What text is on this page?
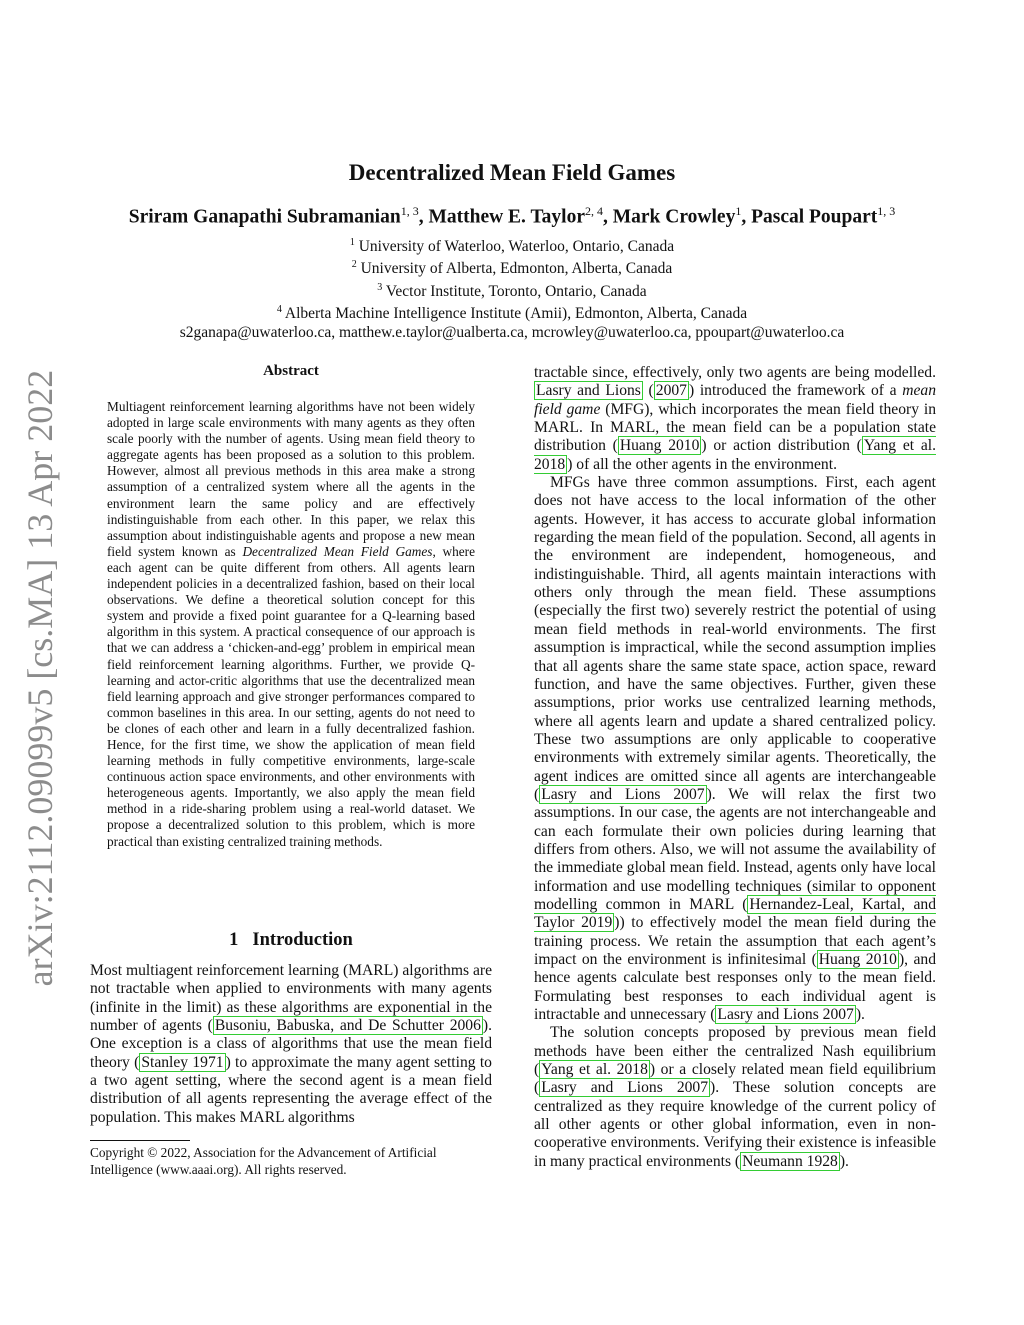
arXiv:2112.09099v5 [cs.MA] 13 Apr 2022
Decentralized Mean Field Games
Sriram Ganapathi Subramanian$^{1, 3}$, Matthew E. Taylor$^{2, 4}$, Mark Crowley$^1$, Pascal Poupart$^{1, 3}$
$^1$ University of Waterloo, Waterloo, Ontario, Canada
$^2$ University of Alberta, Edmonton, Alberta, Canada
$^3$ Vector Institute, Toronto, Ontario, Canada
$^4$ Alberta Machine Intelligence Institute (Amii), Edmonton, Alberta, Canada
s2ganapa@uwaterloo.ca, matthew.e.taylor@ualberta.ca, mcrowley@uwaterloo.ca, ppoupart@uwaterloo.ca
Abstract
Multiagent reinforcement learning algorithms have not been widely adopted in large scale environments with many agents as they often scale poorly with the number of agents. Using mean field theory to aggregate agents has been proposed as a solution to this problem. However, almost all previous methods in this area make a strong assumption of a centralized system where all the agents in the environment learn the same policy and are effectively indistinguishable from each other. In this paper, we relax this assumption about indistinguishable agents and propose a new mean field system known as Decentralized Mean Field Games, where each agent can be quite different from others. All agents learn independent policies in a decentralized fashion, based on their local observations. We define a theoretical solution concept for this system and provide a fixed point guarantee for a Q-learning based algorithm in this system. A practical consequence of our approach is that we can address a ‘chicken-and-egg’ problem in empirical mean field reinforcement learning algorithms. Further, we provide Q-learning and actor-critic algorithms that use the decentralized mean field learning approach and give stronger performances compared to common baselines in this area. In our setting, agents do not need to be clones of each other and learn in a fully decentralized fashion. Hence, for the first time, we show the application of mean field learning methods in fully competitive environments, large-scale continuous action space environments, and other environments with heterogeneous agents. Importantly, we also apply the mean field method in a ride-sharing problem using a real-world dataset. We propose a decentralized solution to this problem, which is more practical than existing centralized training methods.
1 Introduction

Most multiagent reinforcement learning (MARL) algorithms are not tractable when applied to environments with many agents (infinite in the limit) as these algorithms are exponential in the number of agents ( Busoniu, Babuska, and De Schutter 2006 ). One exception is a class of algorithms that use the mean field theory ( Stanley 1971 ) to approximate the many agent setting to a two agent setting, where the second agent is a mean field distribution of all agents representing the average effect of the population. This makes MARL algorithms

Copyright © 2022, Association for the Advancement of Artificial Intelligence (www.aaai.org). All rights reserved.

tractable since, effectively, only two agents are being modelled. Lasry and Lions ( 2007 ) introduced the framework of a mean field game (MFG), which incorporates the mean field theory in MARL. In MARL, the mean field can be a population state distribution ( Huang 2010 ) or action distribution ( Yang et al. 2018 ) of all the other agents in the environment.

MFGs have three common assumptions. First, each agent does not have access to the local information of the other agents. However, it has access to accurate global information regarding the mean field of the population. Second, all agents in the environment are independent, homogeneous, and indistinguishable. Third, all agents maintain interactions with others only through the mean field. These assumptions (especially the first two) severely restrict the potential of using mean field methods in real-world environments. The first assumption is impractical, while the second assumption implies that all agents share the same state space, action space, reward function, and have the same objectives. Further, given these assumptions, prior works use centralized learning methods, where all agents learn and update a shared centralized policy. These two assumptions are only applicable to cooperative environments with extremely similar agents. Theoretically, the agent indices are omitted since all agents are interchangeable ( Lasry and Lions 2007 ). We will relax the first two assumptions. In our case, the agents are not interchangeable and can each formulate their own policies during learning that differs from others. Also, we will not assume the availability of the immediate global mean field. Instead, agents only have local information and use modelling techniques (similar to opponent modelling common in MARL ( Hernandez-Leal, Kartal, and Taylor 2019 )) to effectively model the mean field during the training process. We retain the assumption that each agent’s impact on the environment is infinitesimal ( Huang 2010 ), and hence agents calculate best responses only to the mean field. Formulating best responses to each individual agent is intractable and unnecessary ( Lasry and Lions 2007 ).

The solution concepts proposed by previous mean field methods have been either the centralized Nash equilibrium ( Yang et al. 2018 ) or a closely related mean field equilibrium ( Lasry and Lions 2007 ). These solution concepts are centralized as they require knowledge of the current policy of all other agents or other global information, even in non-cooperative environments. Verifying their existence is infeasible in many practical environments ( Neumann 1928 ).
